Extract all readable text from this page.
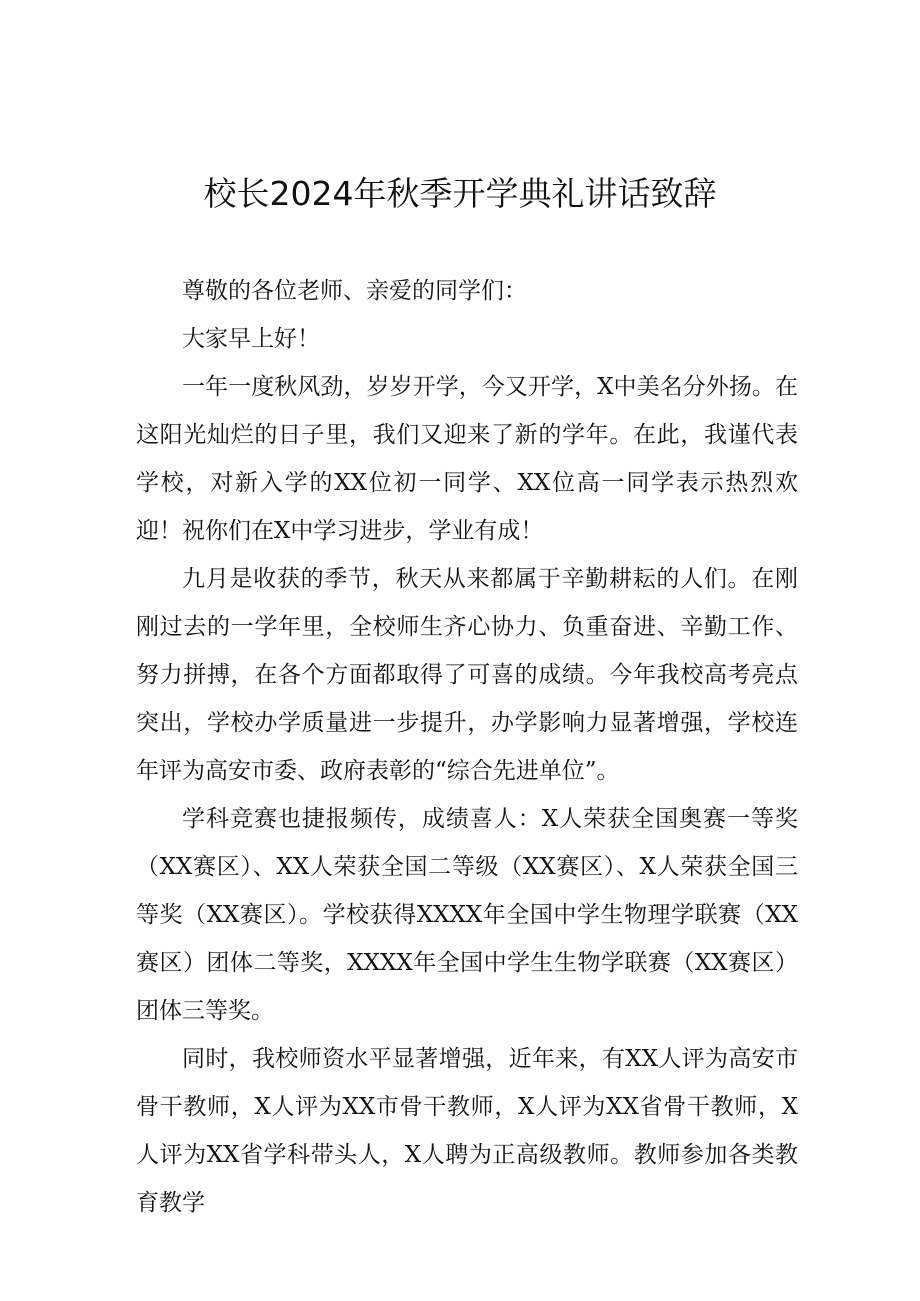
校长2024年秋季开学典礼讲话致辞

尊敬的各位老师、亲爱的同学们：

大家早上好！

一年一度秋风劲，岁岁开学，今又开学，X中美名分外扬。在这阳光灿烂的日子里，我们又迎来了新的学年。在此，我谨代表学校，对新入学的XX位初一同学、XX位高一同学表示热烈欢迎！祝你们在X中学习进步，学业有成！

九月是收获的季节，秋天从来都属于辛勤耕耘的人们。在刚刚过去的一学年里，全校师生齐心协力、负重奋进、辛勤工作、努力拼搏，在各个方面都取得了可喜的成绩。今年我校高考亮点突出，学校办学质量进一步提升，办学影响力显著增强，学校连年评为高安市委、政府表彰的“综合先进单位”。

学科竞赛也捷报频传，成绩喜人：X人荣获全国奥赛一等奖（XX赛区）、XX人荣获全国二等级（XX赛区）、X人荣获全国三等奖（XX赛区）。学校获得XXXX年全国中学生物理学联赛（XX赛区）团体二等奖，XXXX年全国中学生生物学联赛（XX赛区）团体三等奖。

同时，我校师资水平显著增强，近年来，有XX人评为高安市骨干教师，X人评为XX市骨干教师，X人评为XX省骨干教师，X人评为XX省学科带头人，X人聘为正高级教师。教师参加各类教育教学
